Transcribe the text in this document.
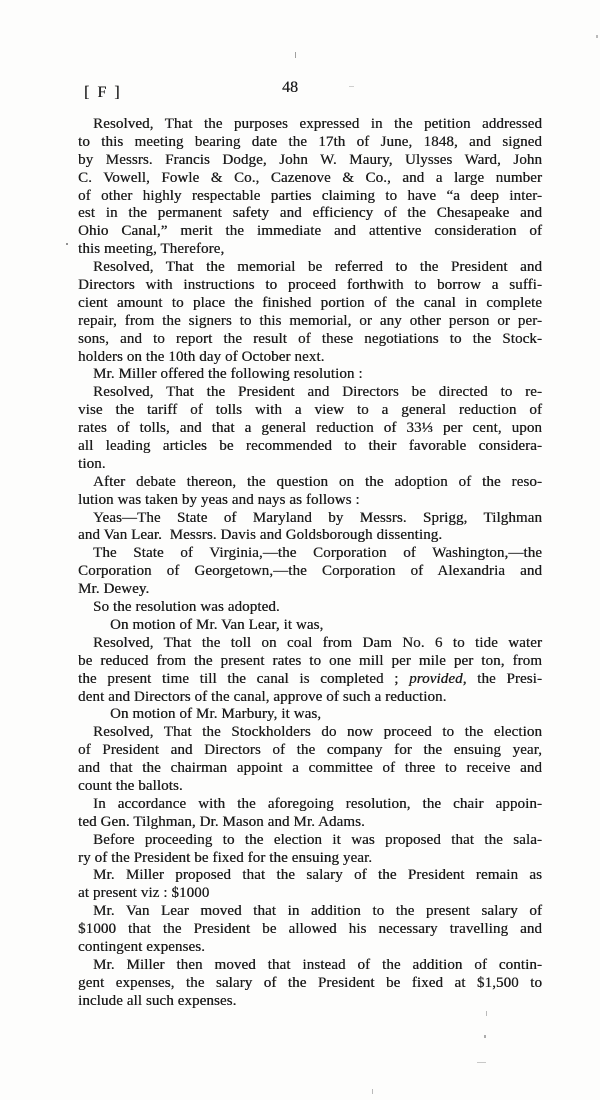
[ F ]	48
Resolved, That the purposes expressed in the petition addressed
to this meeting bearing date the 17th of June, 1848, and signed
by Messrs. Francis Dodge, John W. Maury, Ulysses Ward, John
C. Vowell, Fowle & Co., Cazenove & Co., and a large number
of other highly respectable parties claiming to have “a deep inter-
est in the permanent safety and efficiency of the Chesapeake and
Ohio Canal,” merit the immediate and attentive consideration of
this meeting, Therefore,
Resolved, That the memorial be referred to the President and
Directors with instructions to proceed forthwith to borrow a suffi-
cient amount to place the finished portion of the canal in complete
repair, from the signers to this memorial, or any other person or per-
sons, and to report the result of these negotiations to the Stock-
holders on the 10th day of October next.
Mr. Miller offered the following resolution :
Resolved, That the President and Directors be directed to re-
vise the tariff of tolls with a view to a general reduction of
rates of tolls, and that a general reduction of 33⅓ per cent, upon
all leading articles be recommended to their favorable considera-
tion.
After debate thereon, the question on the adoption of the reso-
lution was taken by yeas and nays as follows :
Yeas—The State of Maryland by Messrs. Sprigg, Tilghman
and Van Lear.  Messrs. Davis and Goldsborough dissenting.
The State of Virginia,—the Corporation of Washington,—the
Corporation of Georgetown,—the Corporation of Alexandria and
Mr. Dewey.
So the resolution was adopted.
On motion of Mr. Van Lear, it was,
Resolved, That the toll on coal from Dam No. 6 to tide water
be reduced from the present rates to one mill per mile per ton, from
the present time till the canal is completed ; provided, the Presi-
dent and Directors of the canal, approve of such a reduction.
On motion of Mr. Marbury, it was,
Resolved, That the Stockholders do now proceed to the election
of President and Directors of the company for the ensuing year,
and that the chairman appoint a committee of three to receive and
count the ballots.
In accordance with the aforegoing resolution, the chair appoin-
ted Gen. Tilghman, Dr. Mason and Mr. Adams.
Before proceeding to the election it was proposed that the sala-
ry of the President be fixed for the ensuing year.
Mr. Miller proposed that the salary of the President remain as
at present viz : $1000
Mr. Van Lear moved that in addition to the present salary of
$1000 that the President be allowed his necessary travelling and
contingent expenses.
Mr. Miller then moved that instead of the addition of contin-
gent expenses, the salary of the President be fixed at $1,500 to
include all such expenses.
